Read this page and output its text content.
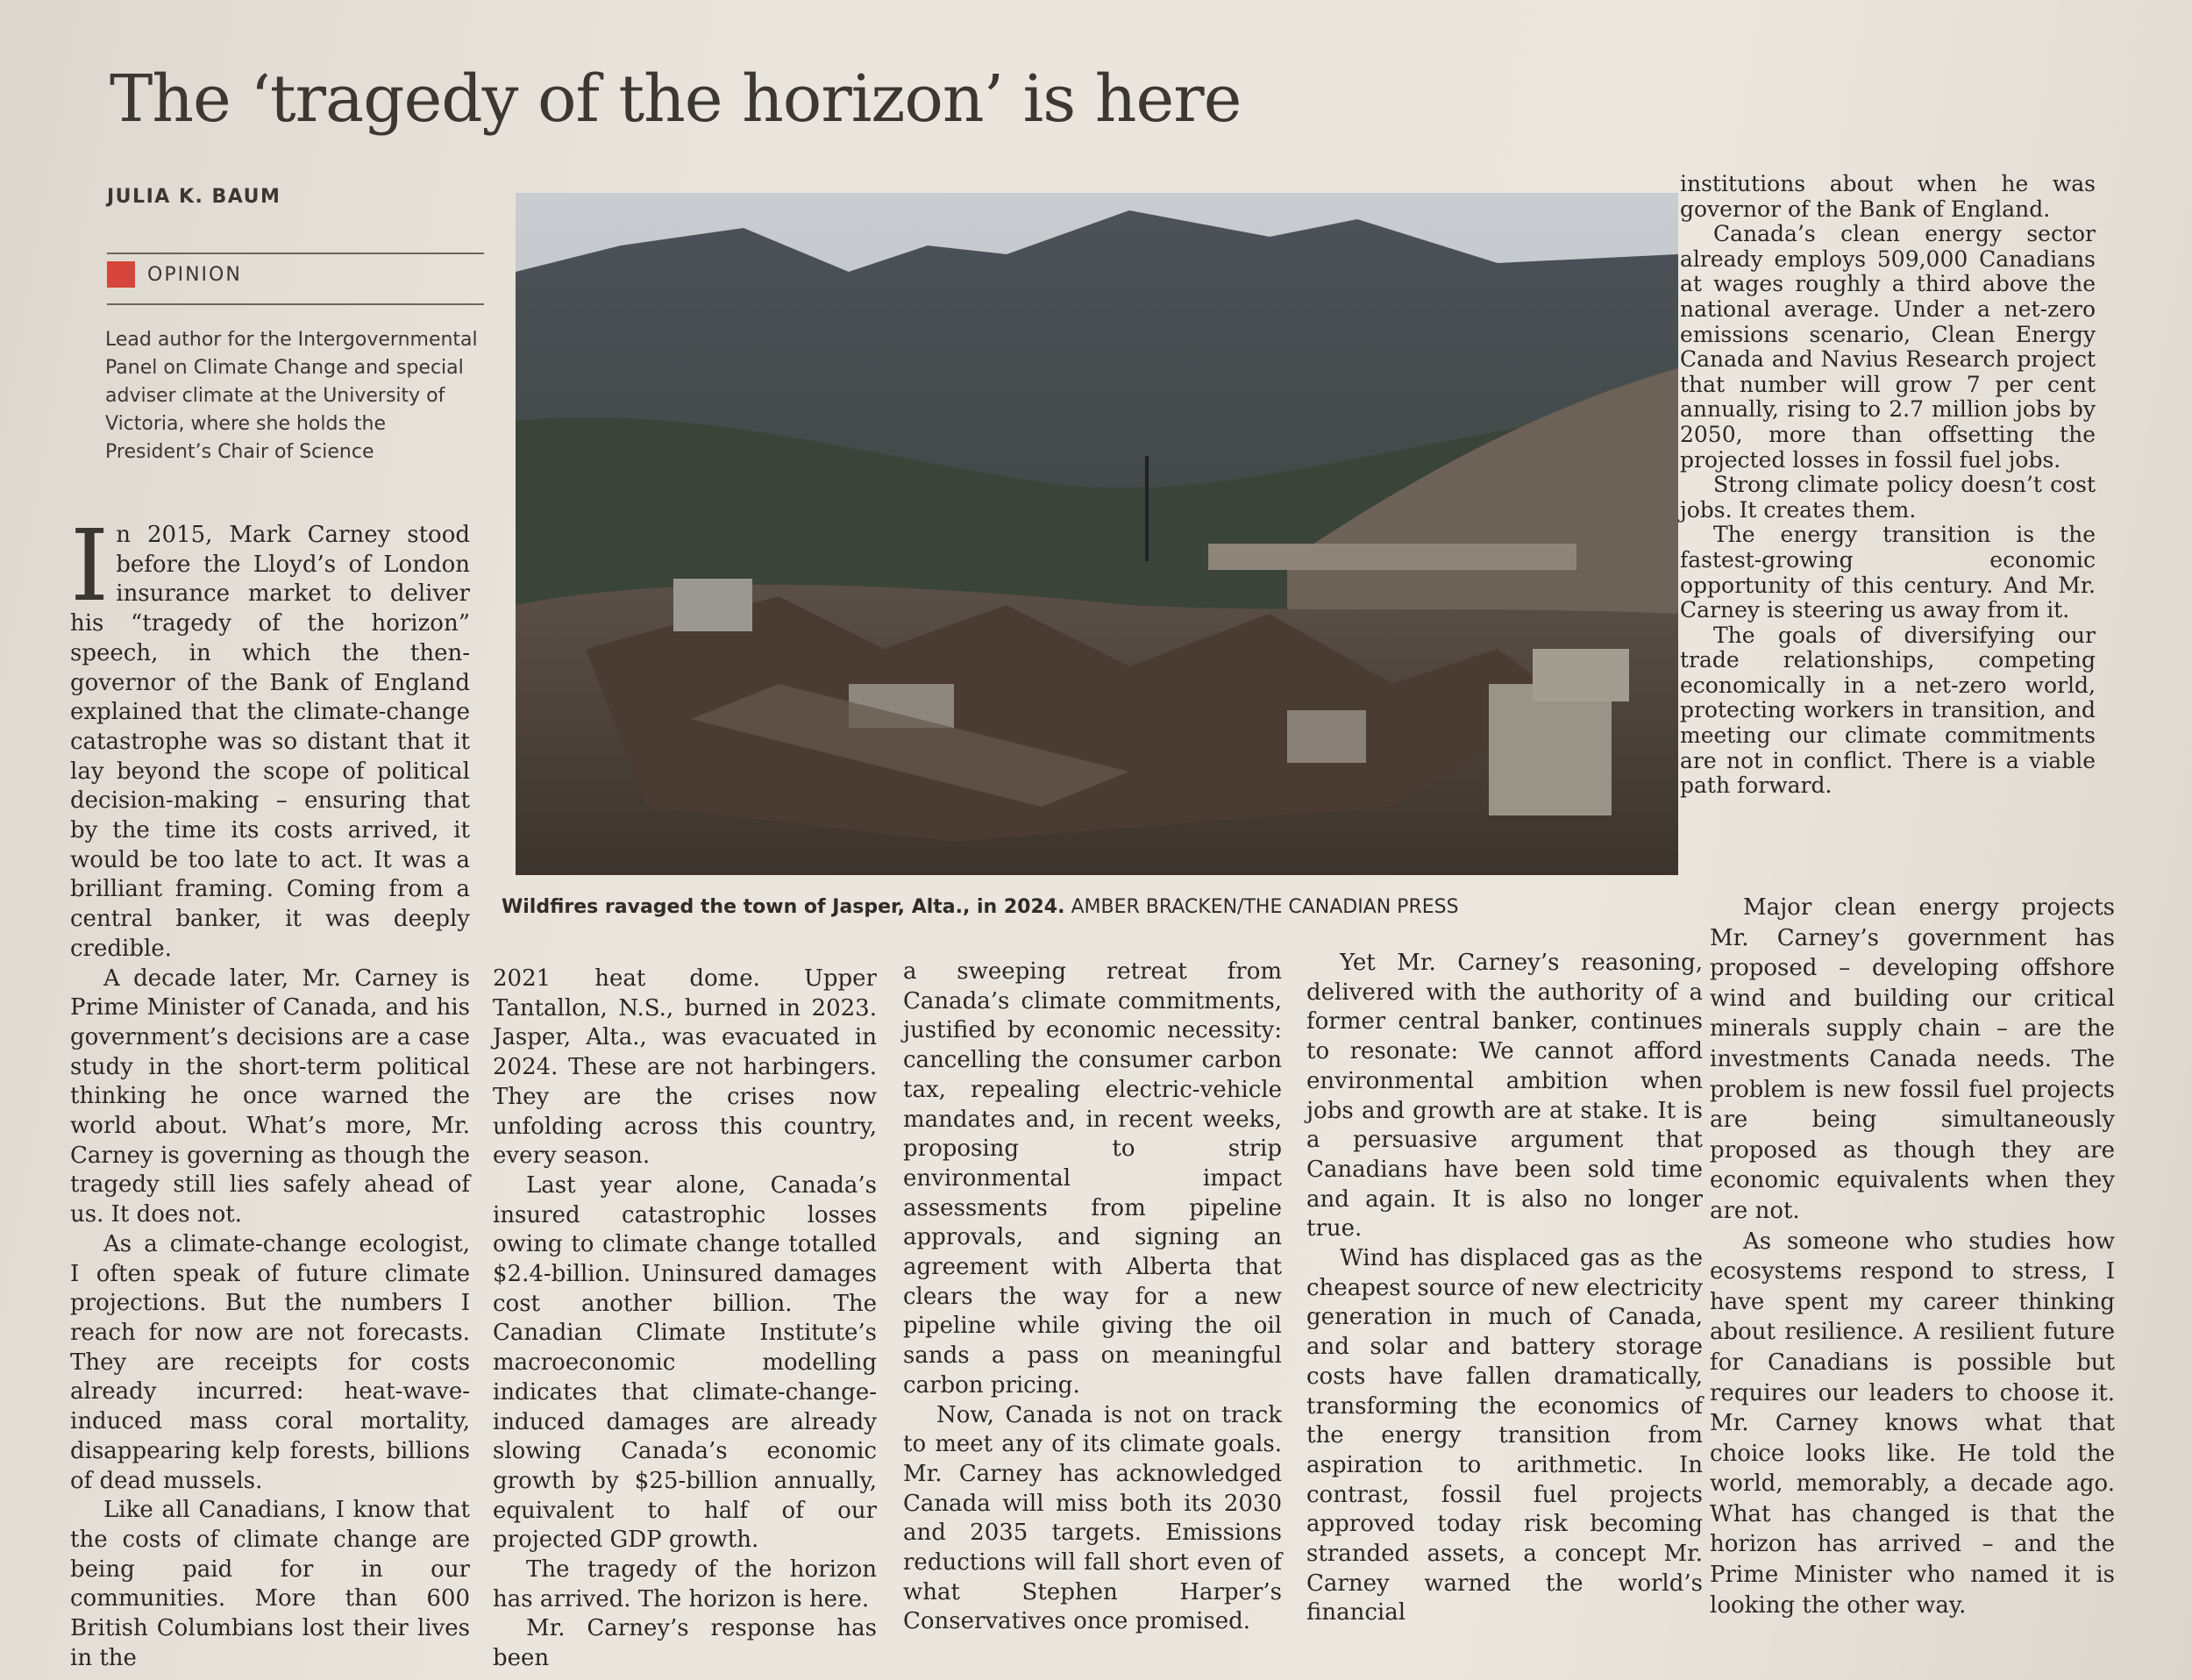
The ‘tragedy of the horizon’ is here
JULIA K. BAUM
OPINION
Lead author for the Intergovernmental Panel on Climate Change and special adviser climate at the University of Victoria, where she holds the President’s Chair of Science

In 2015, Mark Carney stood before the Lloyd’s of London insurance market to deliver his “tragedy of the horizon” speech, in which the then-governor of the Bank of England explained that the climate-change catastrophe was so distant that it lay beyond the scope of political decision-making – ensuring that by the time its costs arrived, it would be too late to act. It was a brilliant framing. Coming from a central banker, it was deeply credible.

A decade later, Mr. Carney is Prime Minister of Canada, and his government’s decisions are a case study in the short-term political thinking he once warned the world about. What’s more, Mr. Carney is governing as though the tragedy still lies safely ahead of us. It does not.

As a climate-change ecologist, I often speak of future climate projections. But the numbers I reach for now are not forecasts. They are receipts for costs already incurred: heat-wave-induced mass coral mortality, disappearing kelp forests, billions of dead mussels.

Like all Canadians, I know that the costs of climate change are being paid for in our communities. More than 600 British Columbians lost their lives in the

Wildfires ravaged the town of Jasper, Alta., in 2024. AMBER BRACKEN/THE CANADIAN PRESS

2021 heat dome. Upper Tantallon, N.S., burned in 2023. Jasper, Alta., was evacuated in 2024. These are not harbingers. They are the crises now unfolding across this country, every season.

Last year alone, Canada’s insured catastrophic losses owing to climate change totalled $2.4-billion. Uninsured damages cost another billion. The Canadian Climate Institute’s macroeconomic modelling indicates that climate-change-induced damages are already slowing Canada’s economic growth by $25-billion annually, equivalent to half of our projected GDP growth.

The tragedy of the horizon has arrived. The horizon is here.

Mr. Carney’s response has been

a sweeping retreat from Canada’s climate commitments, justified by economic necessity: cancelling the consumer carbon tax, repealing electric-vehicle mandates and, in recent weeks, proposing to strip environmental impact assessments from pipeline approvals, and signing an agreement with Alberta that clears the way for a new pipeline while giving the oil sands a pass on meaningful carbon pricing.

Now, Canada is not on track to meet any of its climate goals. Mr. Carney has acknowledged Canada will miss both its 2030 and 2035 targets. Emissions reductions will fall short even of what Stephen Harper’s Conservatives once promised.

Yet Mr. Carney’s reasoning, delivered with the authority of a former central banker, continues to resonate: We cannot afford environmental ambition when jobs and growth are at stake. It is a persuasive argument that Canadians have been sold time and again. It is also no longer true.

Wind has displaced gas as the cheapest source of new electricity generation in much of Canada, and solar and battery storage costs have fallen dramatically, transforming the economics of the energy transition from aspiration to arithmetic. In contrast, fossil fuel projects approved today risk becoming stranded assets, a concept Mr. Carney warned the world’s financial

institutions about when he was governor of the Bank of England.

Canada’s clean energy sector already employs 509,000 Canadians at wages roughly a third above the national average. Under a net-zero emissions scenario, Clean Energy Canada and Navius Research project that number will grow 7 per cent annually, rising to 2.7 million jobs by 2050, more than offsetting the projected losses in fossil fuel jobs.

Strong climate policy doesn’t cost jobs. It creates them.

The energy transition is the fastest-growing economic opportunity of this century. And Mr. Carney is steering us away from it.

The goals of diversifying our trade relationships, competing economically in a net-zero world, protecting workers in transition, and meeting our climate commitments are not in conflict. There is a viable path forward.

Major clean energy projects Mr. Carney’s government has proposed – developing offshore wind and building our critical minerals supply chain – are the investments Canada needs. The problem is new fossil fuel projects are being simultaneously proposed as though they are economic equivalents when they are not.

As someone who studies how ecosystems respond to stress, I have spent my career thinking about resilience. A resilient future for Canadians is possible but requires our leaders to choose it. Mr. Carney knows what that choice looks like. He told the world, memorably, a decade ago. What has changed is that the horizon has arrived – and the Prime Minister who named it is looking the other way.
